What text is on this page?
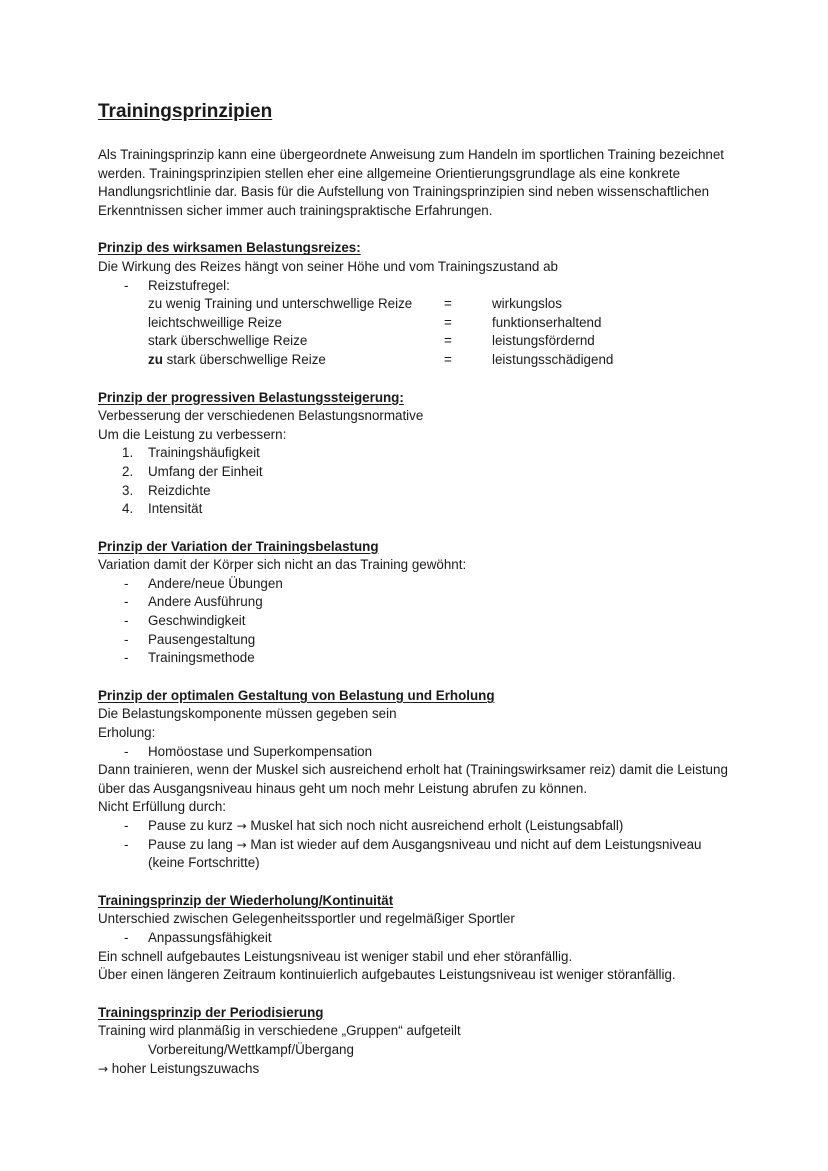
Trainingsprinzipien

Als Trainingsprinzip kann eine übergeordnete Anweisung zum Handeln im sportlichen Training bezeichnet werden. Trainingsprinzipien stellen eher eine allgemeine Orientierungsgrundlage als eine konkrete Handlungsrichtlinie dar. Basis für die Aufstellung von Trainingsprinzipien sind neben wissenschaftlichen Erkenntnissen sicher immer auch trainingspraktische Erfahrungen.

Prinzip des wirksamen Belastungsreizes:

Die Wirkung des Reizes hängt von seiner Höhe und vom Trainingszustand ab

- Reizstufregel:
zu wenig Training und unterschwellige Reize =	wirkungslos
leichtschweillige Reize	=	funktionserhaltend
stark überschwellige Reize	=	leistungsfördernd
zu stark überschwellige Reize	=	leistungsschädigend

Prinzip der progressiven Belastungssteigerung:

Verbesserung der verschiedenen Belastungsnormative

Um die Leistung zu verbessern:

1. Trainingshäufigkeit
2. Umfang der Einheit
3. Reizdichte
4. Intensität

Prinzip der Variation der Trainingsbelastung

Variation damit der Körper sich nicht an das Training gewöhnt:

- Andere/neue Übungen
- Andere Ausführung
- Geschwindigkeit
- Pausengestaltung
- Trainingsmethode

Prinzip der optimalen Gestaltung von Belastung und Erholung

Die Belastungskomponente müssen gegeben sein

Erholung:

- Homöostase und Superkompensation

Dann trainieren, wenn der Muskel sich ausreichend erholt hat (Trainingswirksamer reiz) damit die Leistung über das Ausgangsniveau hinaus geht um noch mehr Leistung abrufen zu können.

Nicht Erfüllung durch:

- Pause zu kurz → Muskel hat sich noch nicht ausreichend erholt (Leistungsabfall)
- Pause zu lang → Man ist wieder auf dem Ausgangsniveau und nicht auf dem Leistungsniveau (keine Fortschritte)

Trainingsprinzip der Wiederholung/Kontinuität

Unterschied zwischen Gelegenheitssportler und regelmäßiger Sportler

- Anpassungsfähigkeit

Ein schnell aufgebautes Leistungsniveau ist weniger stabil und eher störanfällig.

Über einen längeren Zeitraum kontinuierlich aufgebautes Leistungsniveau ist weniger störanfällig.

Trainingsprinzip der Periodisierung

Training wird planmäßig in verschiedene „Gruppen“ aufgeteilt

Vorbereitung/Wettkampf/Übergang

→ hoher Leistungszuwachs
